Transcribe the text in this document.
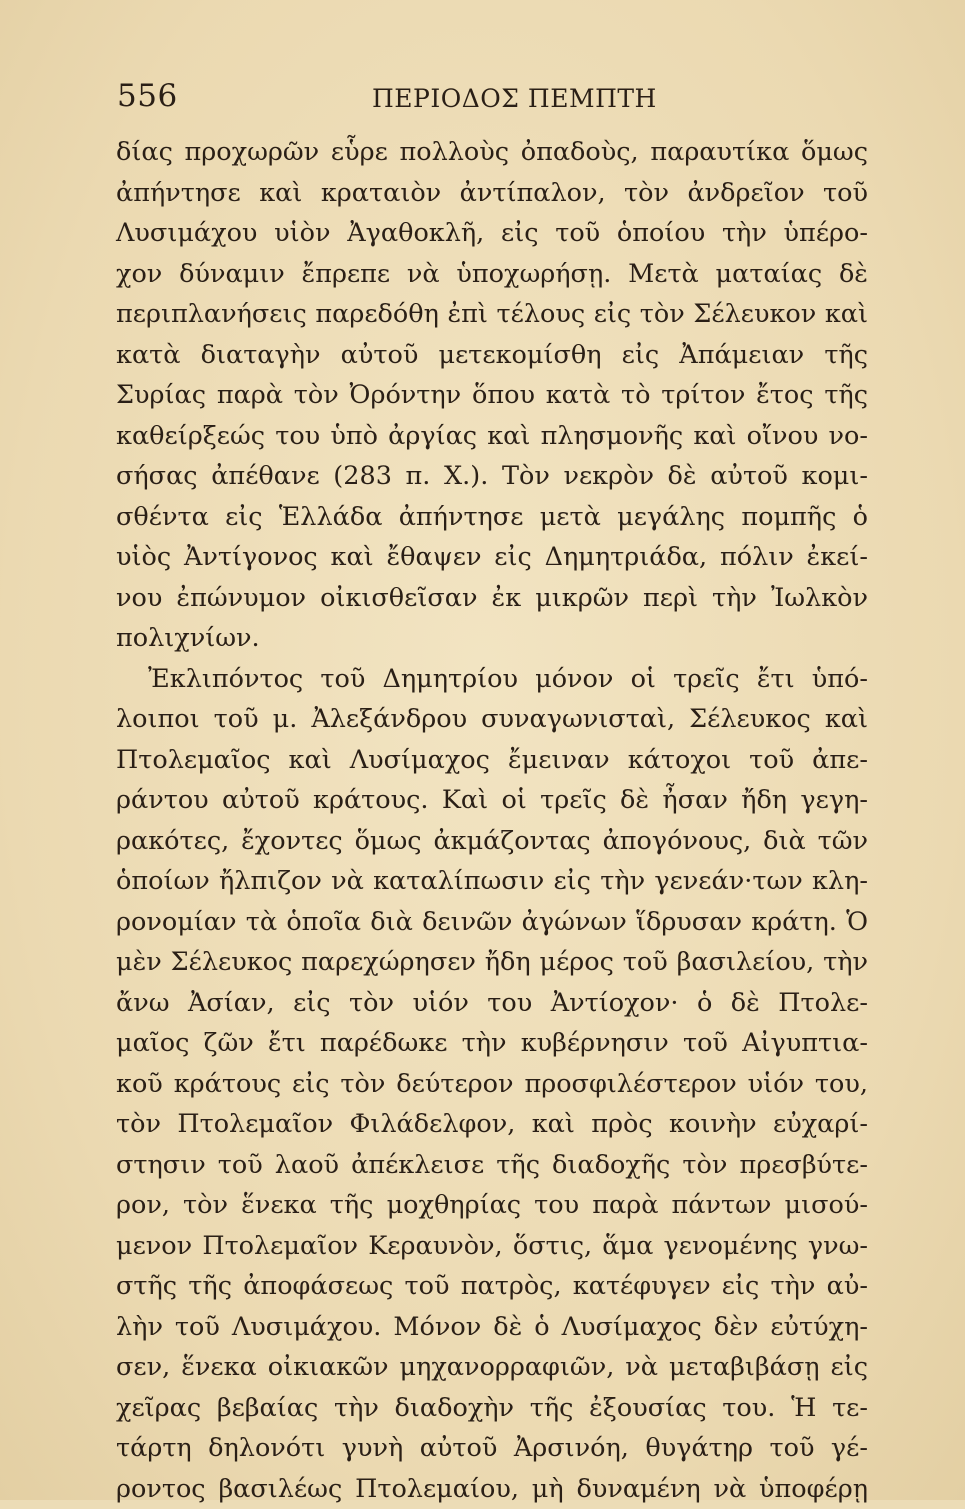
556	ΠΕΡΙΟΔΟΣ ΠΕΜΠΤΗ
δίας προχωρῶν εὗρε πολλοὺς ὀπαδοὺς, παραυτίκα ὅμως
ἀπήντησε καὶ κραταιὸν ἀντίπαλον, τὸν ἀνδρεῖον τοῦ
Λυσιμάχου υἱὸν Ἀγαθοκλῆ, εἰς τοῦ ὁποίου τὴν ὑπέρο-
χον δύναμιν ἔπρεπε νὰ ὑποχωρήσῃ. Μετὰ ματαίας δὲ
περιπλανήσεις παρεδόθη ἐπὶ τέλους εἰς τὸν Σέλευκον καὶ
κατὰ διαταγὴν αὐτοῦ μετεκομίσθη εἰς Ἀπάμειαν τῆς
Συρίας παρὰ τὸν Ὀρόντην ὅπου κατὰ τὸ τρίτον ἔτος τῆς
καθείρξεώς του ὑπὸ ἀργίας καὶ πλησμονῆς καὶ οἴνου νο-
σήσας ἀπέθανε (283 π. Χ.). Τὸν νεκρὸν δὲ αὐτοῦ κομι-
σθέντα εἰς Ἑλλάδα ἀπήντησε μετὰ μεγάλης πομπῆς ὁ
υἱὸς Ἀντίγονος καὶ ἔθαψεν εἰς Δημητριάδα, πόλιν ἐκεί-
νου ἐπώνυμον οἰκισθεῖσαν ἐκ μικρῶν περὶ τὴν Ἰωλκὸν
πολιχνίων.
Ἐκλιπόντος τοῦ Δημητρίου μόνον οἱ τρεῖς ἔτι ὑπό-
λοιποι τοῦ μ. Ἀλεξάνδρου συναγωνισταὶ, Σέλευκος καὶ
Πτολεμαῖος καὶ Λυσίμαχος ἔμειναν κάτοχοι τοῦ ἀπε-
ράντου αὐτοῦ κράτους. Καὶ οἱ τρεῖς δὲ ἦσαν ἤδη γεγη-
ρακότες, ἔχοντες ὅμως ἀκμάζοντας ἀπογόνους, διὰ τῶν
ὁποίων ἤλπιζον νὰ καταλίπωσιν εἰς τὴν γενεάν·των κλη-
ρονομίαν τὰ ὁποῖα διὰ δεινῶν ἀγώνων ἵδρυσαν κράτη. Ὁ
μὲν Σέλευκος παρεχώρησεν ἤδη μέρος τοῦ βασιλείου, τὴν
ἄνω Ἀσίαν, εἰς τὸν υἱόν του Ἀντίοχον· ὁ δὲ Πτολε-
μαῖος ζῶν ἔτι παρέδωκε τὴν κυβέρνησιν τοῦ Αἰγυπτια-
κοῦ κράτους εἰς τὸν δεύτερον προσφιλέστερον υἱόν του,
τὸν Πτολεμαῖον Φιλάδελφον, καὶ πρὸς κοινὴν εὐχαρί-
στησιν τοῦ λαοῦ ἀπέκλεισε τῆς διαδοχῆς τὸν πρεσβύτε-
ρον, τὸν ἕνεκα τῆς μοχθηρίας του παρὰ πάντων μισού-
μενον Πτολεμαῖον Κεραυνὸν, ὅστις, ἅμα γενομένης γνω-
στῆς τῆς ἀποφάσεως τοῦ πατρὸς, κατέφυγεν εἰς τὴν αὐ-
λὴν τοῦ Λυσιμάχου. Μόνον δὲ ὁ Λυσίμαχος δὲν εὐτύχη-
σεν, ἕνεκα οἰκιακῶν μηχανορραφιῶν, νὰ μεταβιβάσῃ εἰς
χεῖρας βεβαίας τὴν διαδοχὴν τῆς ἐξουσίας του. Ἡ τε-
τάρτη δηλονότι γυνὴ αὐτοῦ Ἀρσινόη, θυγάτηρ τοῦ γέ-
ροντος βασιλέως Πτολεμαίου, μὴ δυναμένη νὰ ὑποφέρῃ
